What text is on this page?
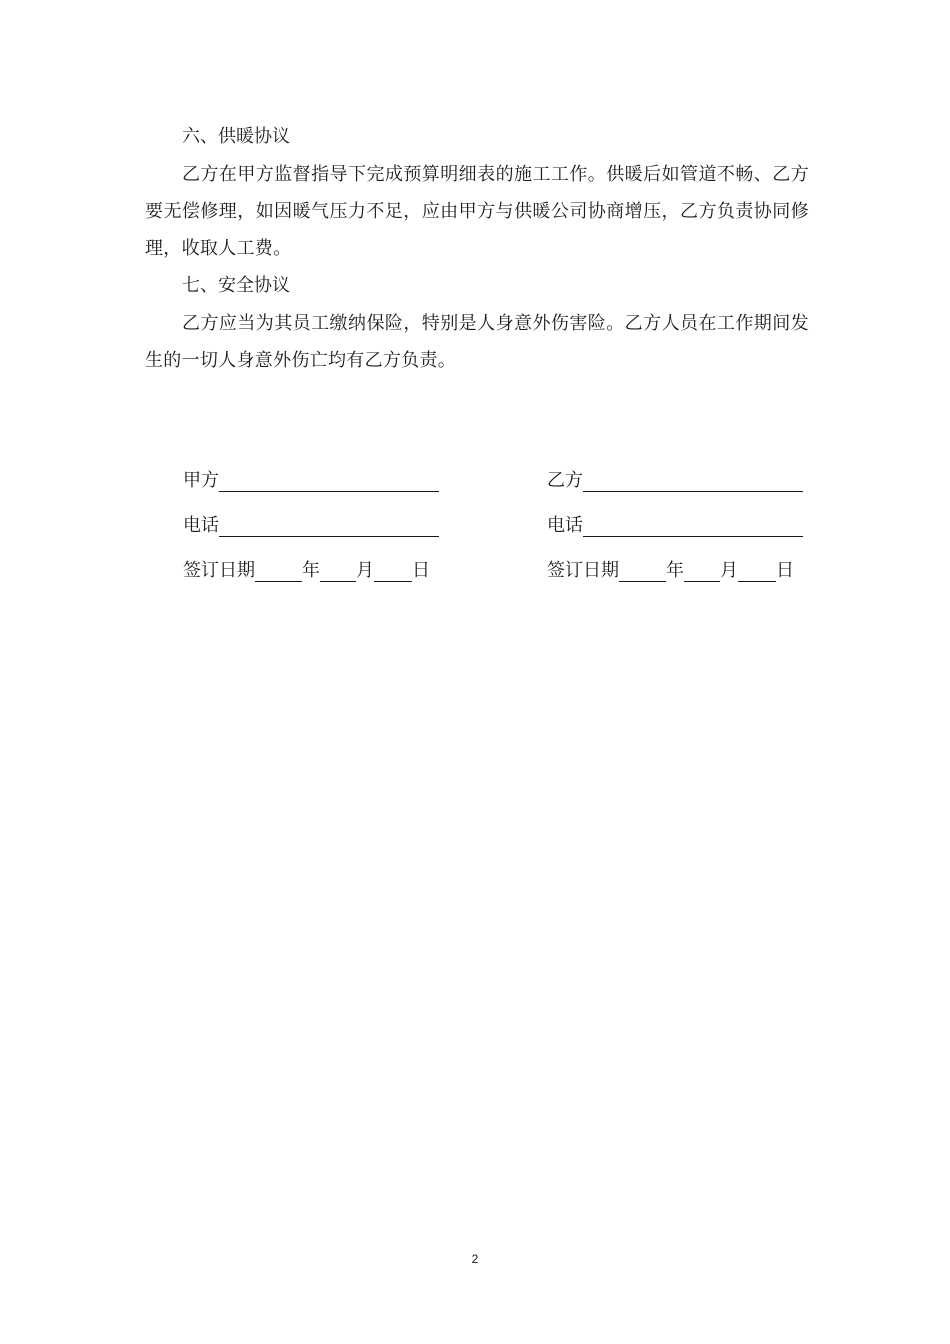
六、供暖协议
乙方在甲方监督指导下完成预算明细表的施工工作。供暖后如管道不畅、乙方要无偿修理，如因暖气压力不足，应由甲方与供暖公司协商增压，乙方负责协同修理，收取人工费。
七、安全协议
乙方应当为其员工缴纳保险，特别是人身意外伤害险。乙方人员在工作期间发生的一切人身意外伤亡均有乙方负责。
甲方
电话
签订日期	年 月 日
乙方
电话
签订日期	年 月 日
2
